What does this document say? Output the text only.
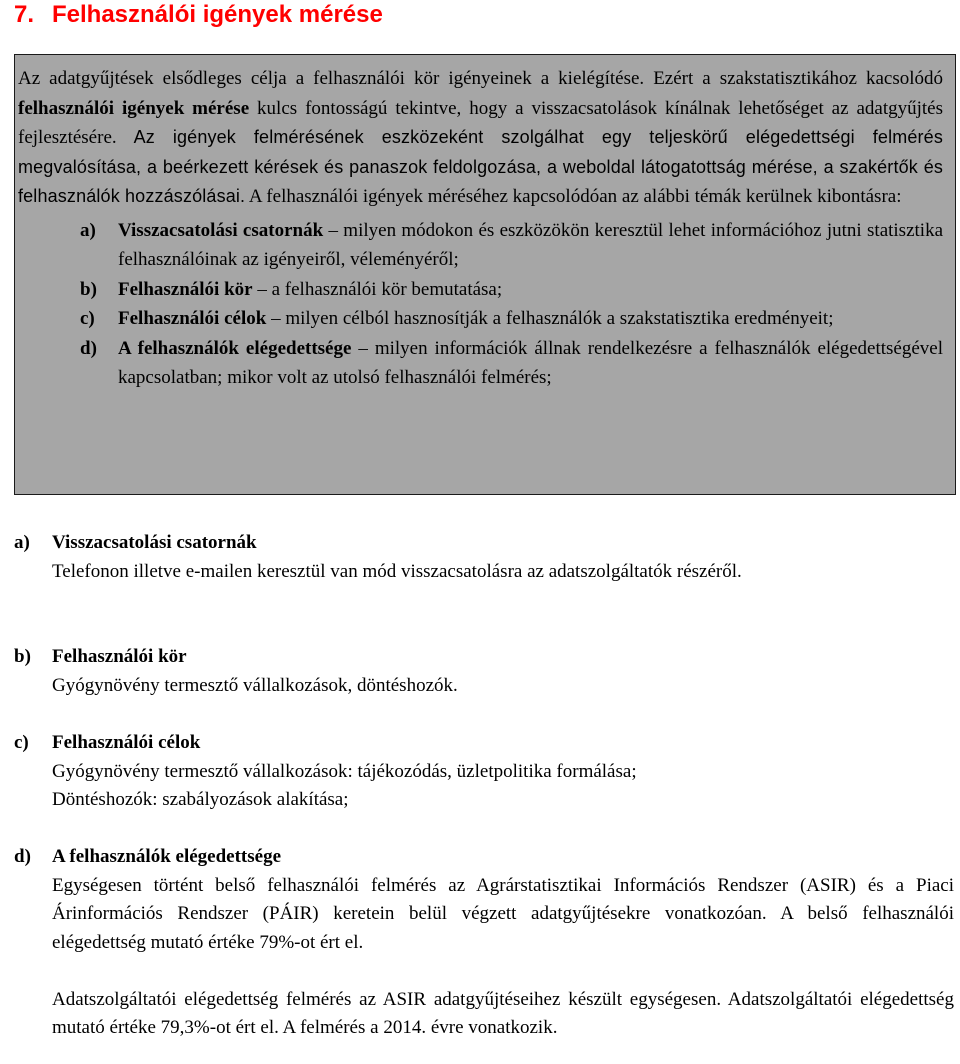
7. Felhasználói igények mérése

Az adatgyűjtések elsődleges célja a felhasználói kör igényeinek a kielégítése. Ezért a szakstatisztikához kacsolódó felhasználói igények mérése kulcs fontosságú tekintve, hogy a visszacsatolások kínálnak lehetőséget az adatgyűjtés fejlesztésére. Az igények felmérésének eszközeként szolgálhat egy teljeskörű elégedettségi felmérés megvalósítása, a beérkezett kérések és panaszok feldolgozása, a weboldal látogatottság mérése, a szakértők és felhasználók hozzászólásai. A felhasználói igények méréséhez kapcsolódóan az alábbi témák kerülnek kibontásra:

a) Visszacsatolási csatornák – milyen módokon és eszközökön keresztül lehet információhoz jutni statisztika felhasználóinak az igényeiről, véleményéről;
b) Felhasználói kör – a felhasználói kör bemutatása;
c) Felhasználói célok – milyen célból hasznosítják a felhasználók a szakstatisztika eredményeit;
d) A felhasználók elégedettsége – milyen információk állnak rendelkezésre a felhasználók elégedettségével kapcsolatban; mikor volt az utolsó felhasználói felmérés;
a) Visszacsatolási csatornák

Telefonon illetve e-mailen keresztül van mód visszacsatolásra az adatszolgáltatók részéről.

b) Felhasználói kör

Gyógynövény termesztő vállalkozások, döntéshozók.

c) Felhasználói célok

Gyógynövény termesztő vállalkozások: tájékozódás, üzletpolitika formálása;

Döntéshozók: szabályozások alakítása;

d) A felhasználók elégedettsége

Egységesen történt belső felhasználói felmérés az Agrárstatisztikai Információs Rendszer (ASIR) és a Piaci Árinformációs Rendszer (PÁIR) keretein belül végzett adatgyűjtésekre vonatkozóan. A belső felhasználói elégedettség mutató értéke 79%-ot ért el.

Adatszolgáltatói elégedettség felmérés az ASIR adatgyűjtéseihez készült egységesen. Adatszolgáltatói elégedettség mutató értéke 79,3%-ot ért el. A felmérés a 2014. évre vonatkozik.
